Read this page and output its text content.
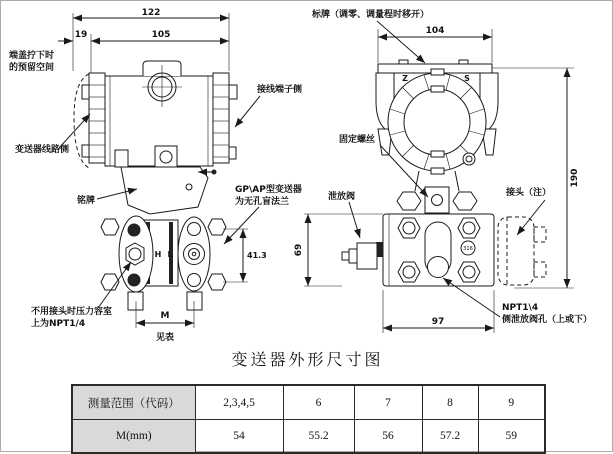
122
19	105
H L	41.3
M
见表
端盖拧下时
的预留空间
变送器线路侧
铭牌
接线端子侧
GP\AP型变送器
为无孔盲法兰
不用接头时压力容室
上为NPT1/4
标牌（调零、调量程时移开）
104
Z	S
316
69
190
97
固定螺丝
泄放阀	接头（注）
NPT1\4
侧泄放阀孔（上或下）
变送器外形尺寸图
测量范围（代码）	2,3,4,5	6	7	8	9
M(mm)	54	55.2	56	57.2	59
